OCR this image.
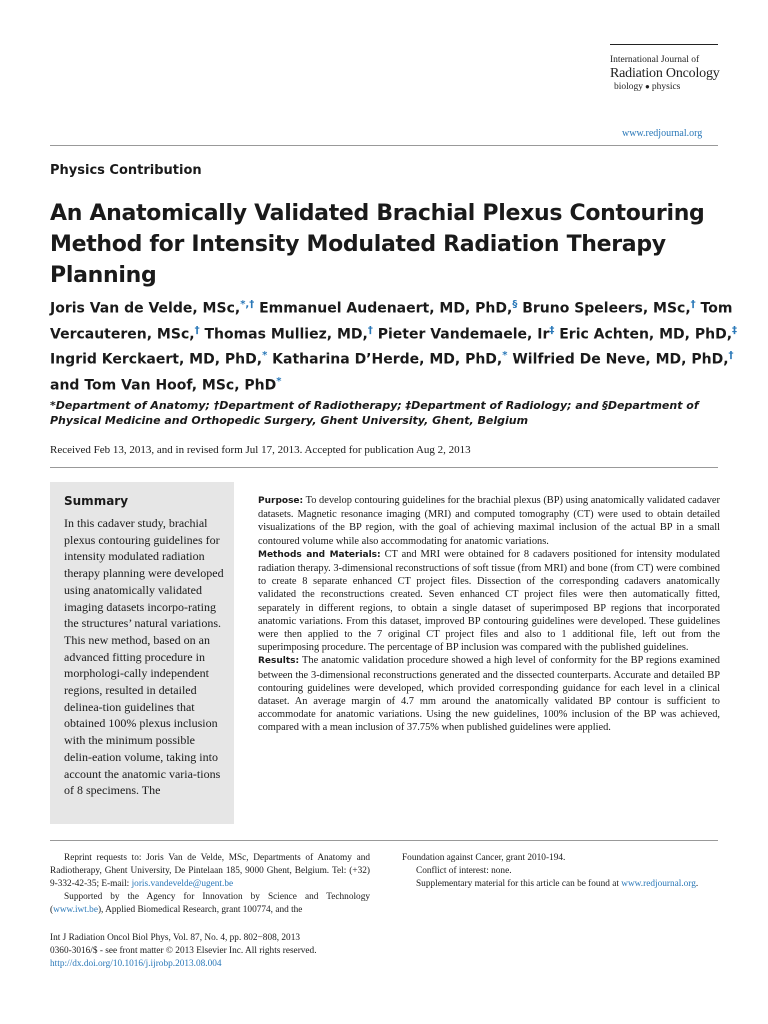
International Journal of
Radiation Oncology
biology ● physics
www.redjournal.org
Physics Contribution
An Anatomically Validated Brachial Plexus Contouring Method for Intensity Modulated Radiation Therapy Planning
Joris Van de Velde, MSc,*,† Emmanuel Audenaert, MD, PhD,§ Bruno Speleers, MSc,† Tom Vercauteren, MSc,† Thomas Mulliez, MD,† Pieter Vandemaele, Ir‡ Eric Achten, MD, PhD,‡ Ingrid Kerckaert, MD, PhD,* Katharina D’Herde, MD, PhD,* Wilfried De Neve, MD, PhD,† and Tom Van Hoof, MSc, PhD*
*Department of Anatomy; †Department of Radiotherapy; ‡Department of Radiology; and §Department of Physical Medicine and Orthopedic Surgery, Ghent University, Ghent, Belgium
Received Feb 13, 2013, and in revised form Jul 17, 2013. Accepted for publication Aug 2, 2013
Summary
In this cadaver study, brachial plexus contouring guidelines for intensity modulated radiation therapy planning were developed using anatomically validated imaging datasets incorpo-rating the structures’ natural variations. This new method, based on an advanced fitting procedure in morphologi-cally independent regions, resulted in detailed delinea-tion guidelines that obtained 100% plexus inclusion with the minimum possible delin-eation volume, taking into account the anatomic varia-tions of 8 specimens. The

Purpose: To develop contouring guidelines for the brachial plexus (BP) using anatomically validated cadaver datasets. Magnetic resonance imaging (MRI) and computed tomography (CT) were used to obtain detailed visualizations of the BP region, with the goal of achieving maximal inclusion of the actual BP in a small contoured volume while also accommodating for anatomic variations.

Methods and Materials: CT and MRI were obtained for 8 cadavers positioned for intensity modulated radiation therapy. 3-dimensional reconstructions of soft tissue (from MRI) and bone (from CT) were combined to create 8 separate enhanced CT project files. Dissection of the corresponding cadavers anatomically validated the reconstructions created. Seven enhanced CT project files were then automatically fitted, separately in different regions, to obtain a single dataset of superimposed BP regions that incorporated anatomic variations. From this dataset, improved BP contouring guidelines were developed. These guidelines were then applied to the 7 original CT project files and also to 1 additional file, left out from the superimposing procedure. The percentage of BP inclusion was compared with the published guidelines.

Results: The anatomic validation procedure showed a high level of conformity for the BP regions examined between the 3-dimensional reconstructions generated and the dissected counterparts. Accurate and detailed BP contouring guidelines were developed, which provided corresponding guidance for each level in a clinical dataset. An average margin of 4.7 mm around the anatomically validated BP contour is sufficient to accommodate for anatomic variations. Using the new guidelines, 100% inclusion of the BP was achieved, compared with a mean inclusion of 37.75% when published guidelines were applied.

Reprint requests to: Joris Van de Velde, MSc, Departments of Anatomy and Radiotherapy, Ghent University, De Pintelaan 185, 9000 Ghent, Belgium. Tel: (+32) 9-332-42-35; E-mail: joris.vandevelde@ugent.be

Supported by the Agency for Innovation by Science and Technology (www.iwt.be), Applied Biomedical Research, grant 100774, and the

Foundation against Cancer, grant 2010-194.

Conflict of interest: none.

Supplementary material for this article can be found at www.redjournal.org.

Int J Radiation Oncol Biol Phys, Vol. 87, No. 4, pp. 802−808, 2013

0360-3016/$ - see front matter © 2013 Elsevier Inc. All rights reserved.

http://dx.doi.org/10.1016/j.ijrobp.2013.08.004
